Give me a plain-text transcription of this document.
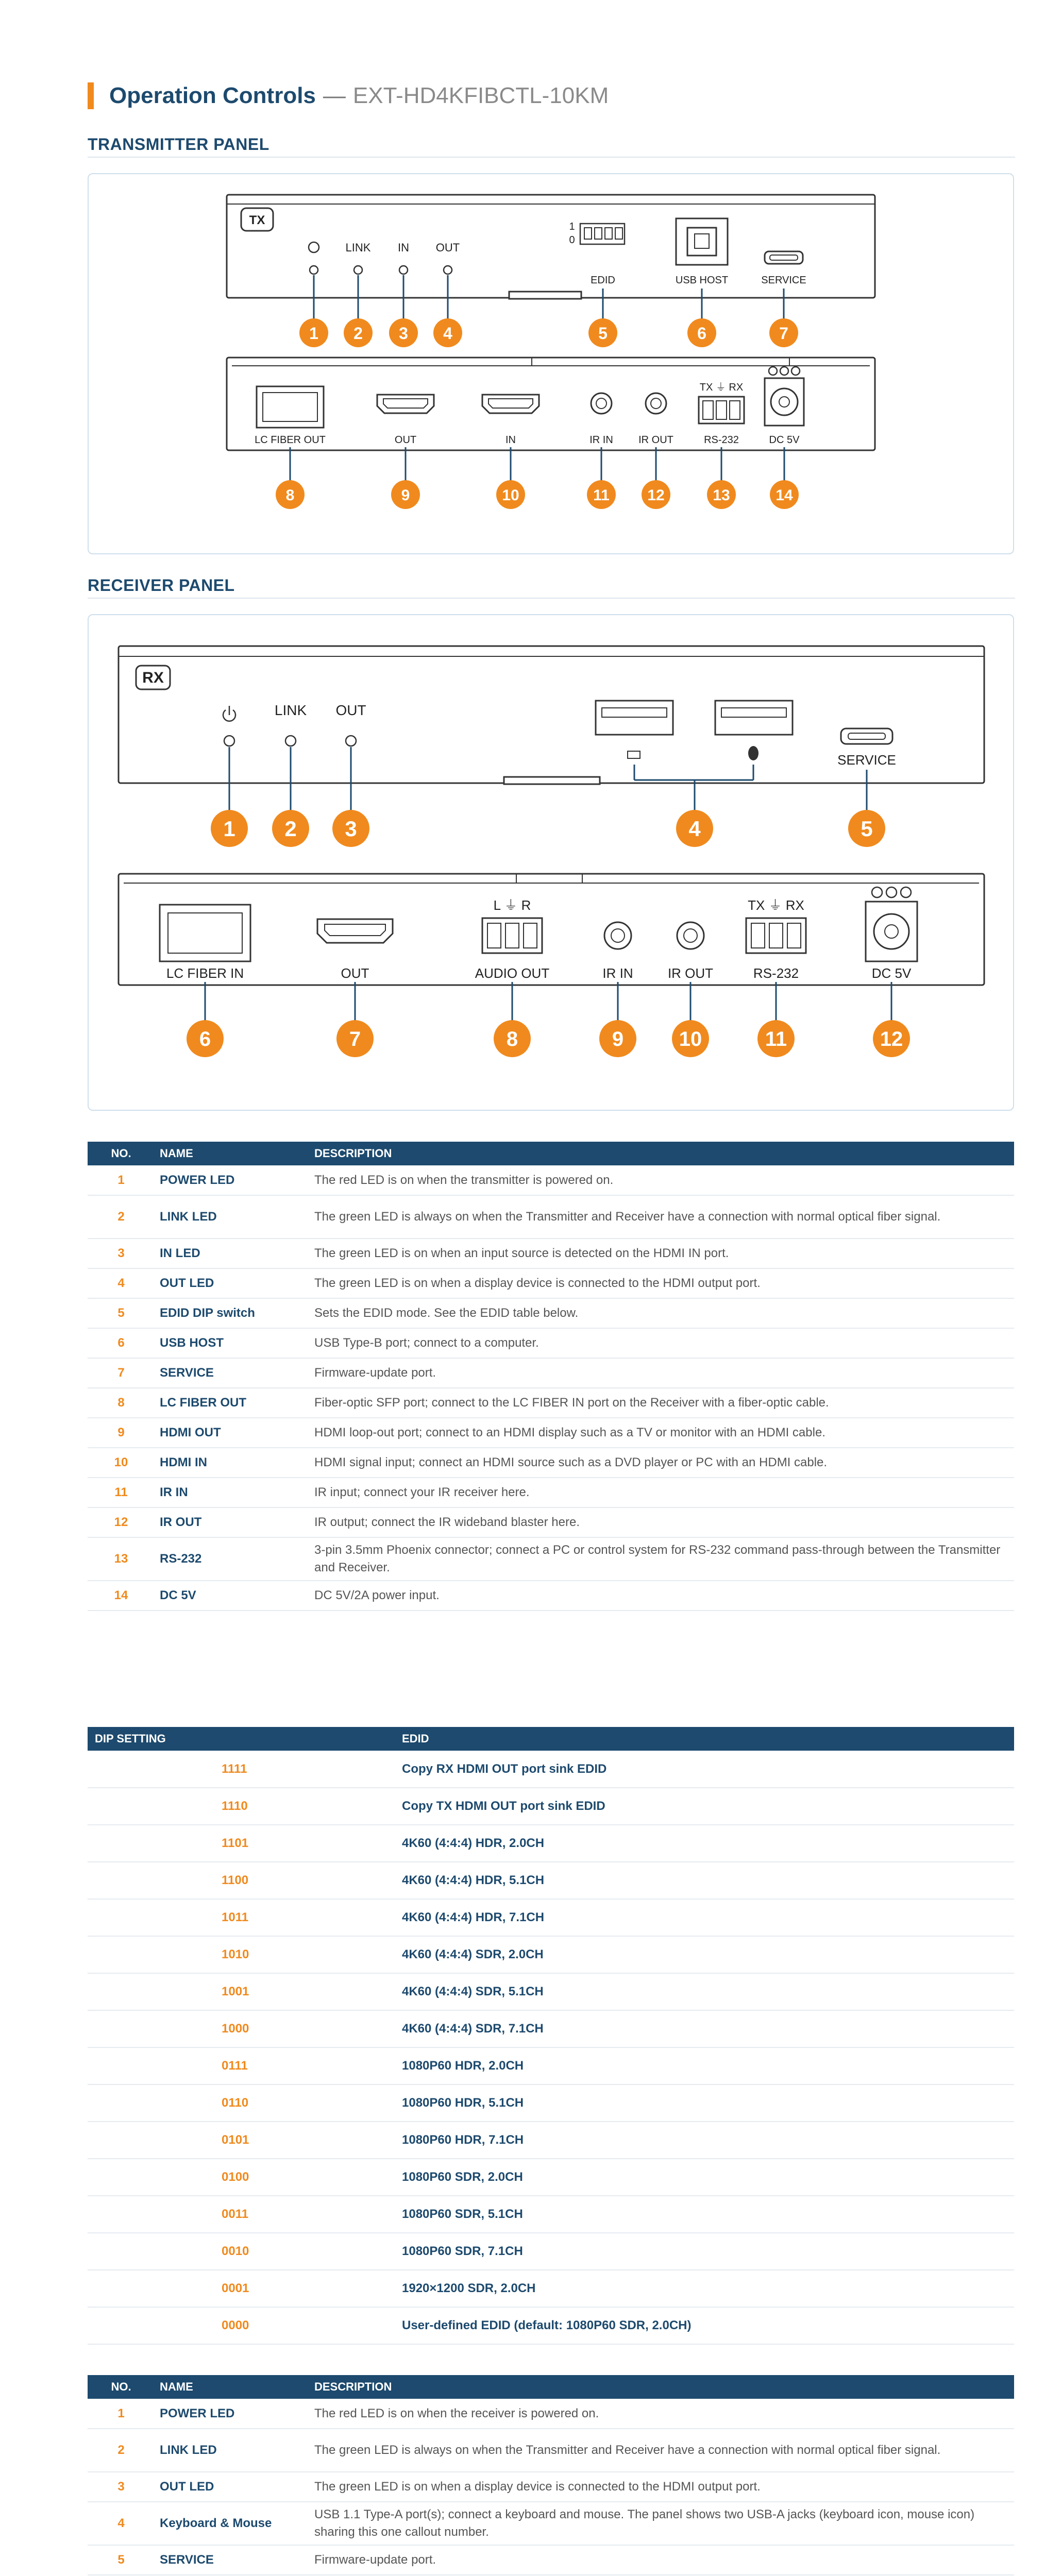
Operation Controls — EXT-HD4KFIBCTL-10KM
TRANSMITTER PANEL
TX
LINK IN OUT
1
0
EDID	USB HOST	SERVICE
1 2 3 4	5	6	7
LC FIBER OUT	OUT	IN	IR IN IR OUT
TX ⏚ RX
RS-232	DC 5V
8	9	10	11 12	13	14
RECEIVER PANEL
RX
LINK OUT
SERVICE
1 2 3	4	5
LC FIBER IN	OUT
L ⏚ R
AUDIO OUT	IR IN	IR OUT
TX ⏚ RX
RS-232	DC 5V
6	7	8	9	10	11	12
NO.	NAME	DESCRIPTION
1	POWER LED	The red LED is on when the transmitter is powered on.
2	LINK LED	The green LED is always on when the Transmitter and Receiver have a connection with normal optical fiber signal.
3	IN LED	The green LED is on when an input source is detected on the HDMI IN port.
4	OUT LED	The green LED is on when a display device is connected to the HDMI output port.
5	EDID DIP switch	Sets the EDID mode. See the EDID table below.
6	USB HOST	USB Type-B port; connect to a computer.
7	SERVICE	Firmware-update port.
8	LC FIBER OUT	Fiber-optic SFP port; connect to the LC FIBER IN port on the Receiver with a fiber-optic cable.
9	HDMI OUT	HDMI loop-out port; connect to an HDMI display such as a TV or monitor with an HDMI cable.
10	HDMI IN	HDMI signal input; connect an HDMI source such as a DVD player or PC with an HDMI cable.
11	IR IN	IR input; connect your IR receiver here.
12	IR OUT	IR output; connect the IR wideband blaster here.
13	RS-232	3-pin 3.5mm Phoenix connector; connect a PC or control system for RS-232 command pass-through between the Transmitter and Receiver.
14	DC 5V	DC 5V/2A power input.
DIP SETTING	EDID
1111	Copy RX HDMI OUT port sink EDID
1110	Copy TX HDMI OUT port sink EDID
1101	4K60 (4:4:4) HDR, 2.0CH
1100	4K60 (4:4:4) HDR, 5.1CH
1011	4K60 (4:4:4) HDR, 7.1CH
1010	4K60 (4:4:4) SDR, 2.0CH
1001	4K60 (4:4:4) SDR, 5.1CH
1000	4K60 (4:4:4) SDR, 7.1CH
0111	1080P60 HDR, 2.0CH
0110	1080P60 HDR, 5.1CH
0101	1080P60 HDR, 7.1CH
0100	1080P60 SDR, 2.0CH
0011	1080P60 SDR, 5.1CH
0010	1080P60 SDR, 7.1CH
0001	1920×1200 SDR, 2.0CH
0000	User-defined EDID (default: 1080P60 SDR, 2.0CH)
NO.	NAME	DESCRIPTION
1	POWER LED	The red LED is on when the receiver is powered on.
2	LINK LED	The green LED is always on when the Transmitter and Receiver have a connection with normal optical fiber signal.
3	OUT LED	The green LED is on when a display device is connected to the HDMI output port.
4	Keyboard & Mouse	USB 1.1 Type-A port(s); connect a keyboard and mouse. The panel shows two USB-A jacks (keyboard icon, mouse icon) sharing this one callout number.
5	SERVICE	Firmware-update port.
